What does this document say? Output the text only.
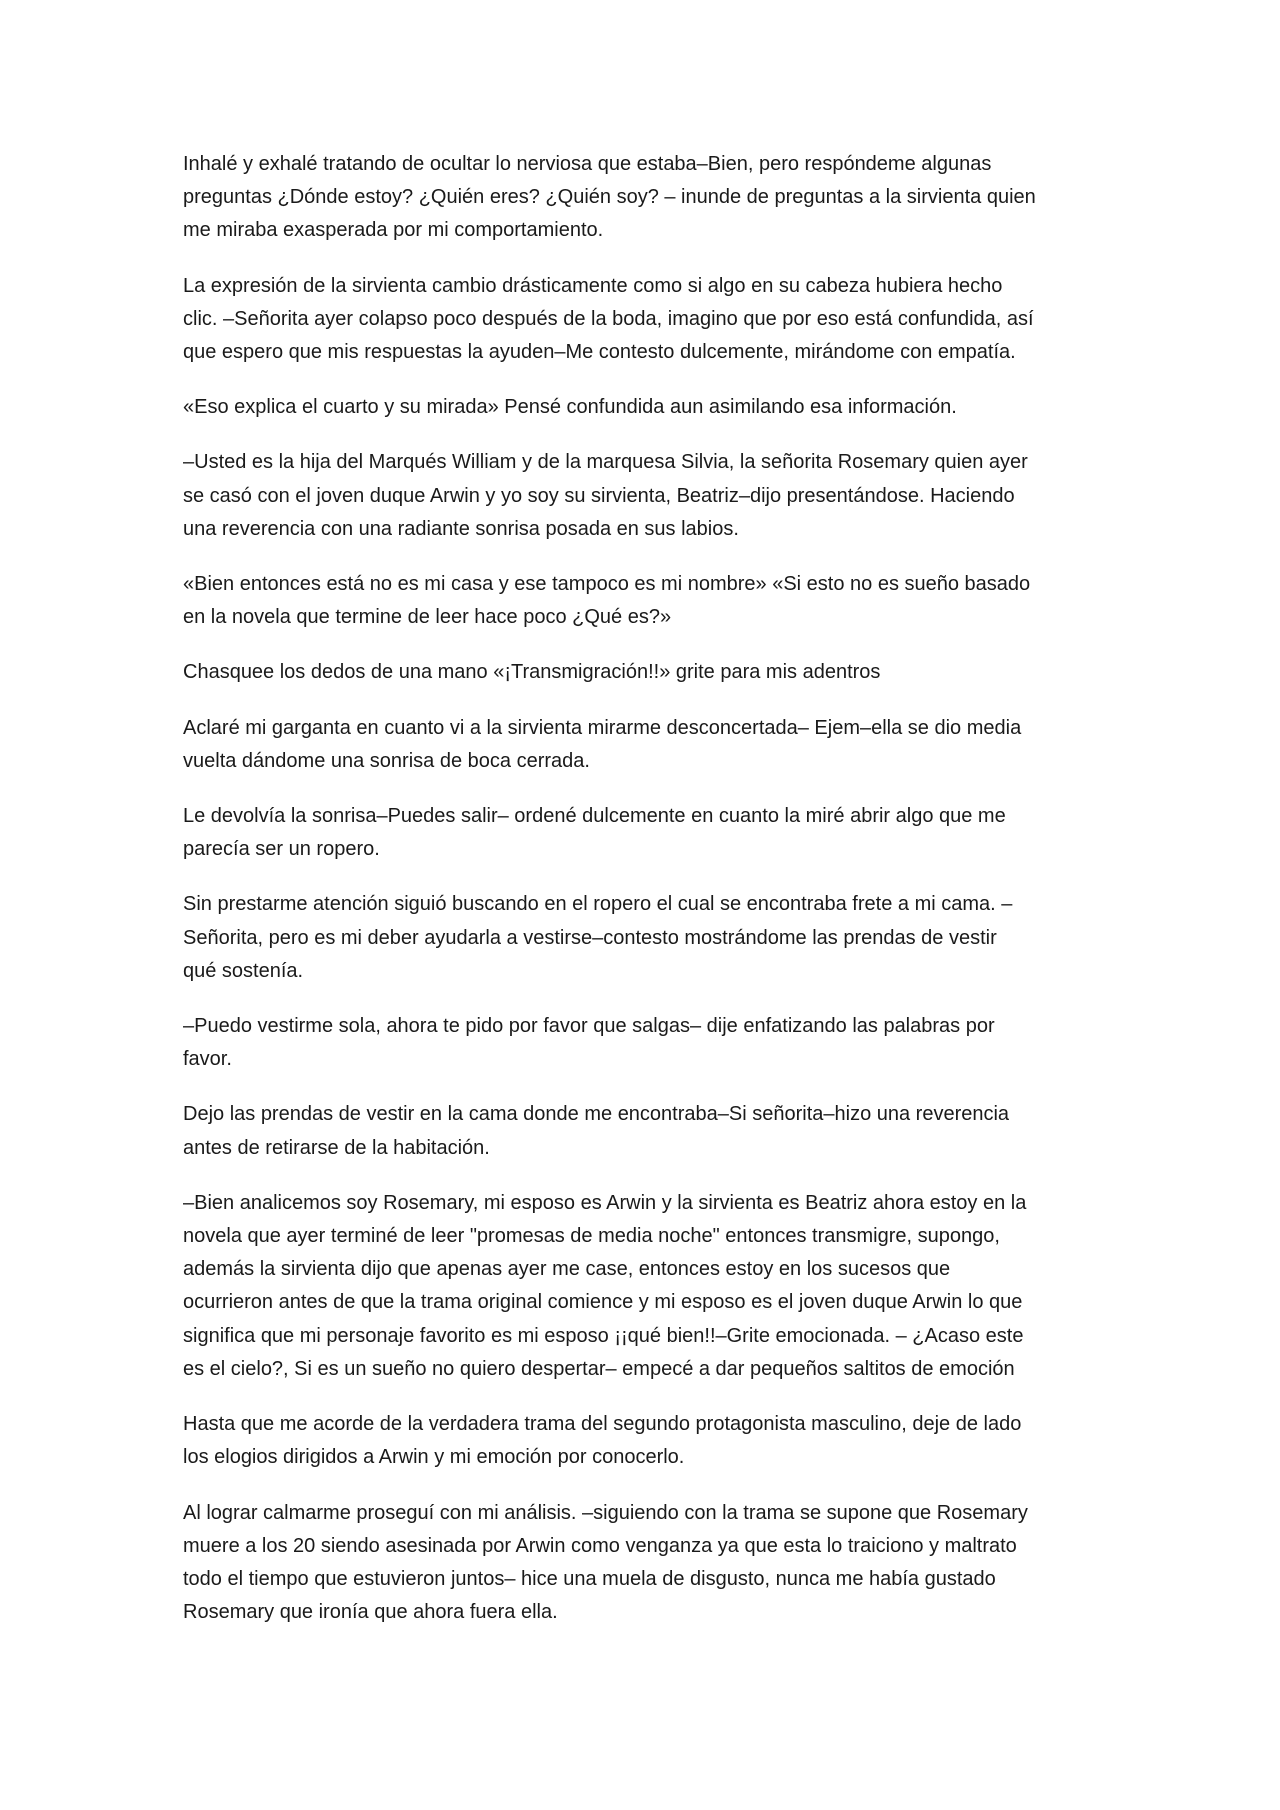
Inhalé y exhalé tratando de ocultar lo nerviosa que estaba–Bien, pero respóndeme algunas
preguntas ¿Dónde estoy? ¿Quién eres? ¿Quién soy? – inunde de preguntas a la sirvienta quien
me miraba exasperada por mi comportamiento.

La expresión de la sirvienta cambio drásticamente como si algo en su cabeza hubiera hecho
clic. –Señorita ayer colapso poco después de la boda, imagino que por eso está confundida, así
que espero que mis respuestas la ayuden–Me contesto dulcemente, mirándome con empatía.

«Eso explica el cuarto y su mirada» Pensé confundida aun asimilando esa información.

–Usted es la hija del Marqués William y de la marquesa Silvia, la señorita Rosemary quien ayer
se casó con el joven duque Arwin y yo soy su sirvienta, Beatriz–dijo presentándose. Haciendo
una reverencia con una radiante sonrisa posada en sus labios.

«Bien entonces está no es mi casa y ese tampoco es mi nombre» «Si esto no es sueño basado
en la novela que termine de leer hace poco ¿Qué es?»

Chasquee los dedos de una mano «¡Transmigración!!» grite para mis adentros

Aclaré mi garganta en cuanto vi a la sirvienta mirarme desconcertada– Ejem–ella se dio media
vuelta dándome una sonrisa de boca cerrada.

Le devolvía la sonrisa–Puedes salir– ordené dulcemente en cuanto la miré abrir algo que me
parecía ser un ropero.

Sin prestarme atención siguió buscando en el ropero el cual se encontraba frete a mi cama. –
Señorita, pero es mi deber ayudarla a vestirse–contesto mostrándome las prendas de vestir
qué sostenía.

–Puedo vestirme sola, ahora te pido por favor que salgas– dije enfatizando las palabras por
favor.

Dejo las prendas de vestir en la cama donde me encontraba–Si señorita–hizo una reverencia
antes de retirarse de la habitación.

–Bien analicemos soy Rosemary, mi esposo es Arwin y la sirvienta es Beatriz ahora estoy en la
novela que ayer terminé de leer "promesas de media noche" entonces transmigre, supongo,
además la sirvienta dijo que apenas ayer me case, entonces estoy en los sucesos que
ocurrieron antes de que la trama original comience y mi esposo es el joven duque Arwin lo que
significa que mi personaje favorito es mi esposo ¡¡qué bien!!–Grite emocionada. – ¿Acaso este
es el cielo?, Si es un sueño no quiero despertar– empecé a dar pequeños saltitos de emoción

Hasta que me acorde de la verdadera trama del segundo protagonista masculino, deje de lado
los elogios dirigidos a Arwin y mi emoción por conocerlo.

Al lograr calmarme proseguí con mi análisis. –siguiendo con la trama se supone que Rosemary
muere a los 20 siendo asesinada por Arwin como venganza ya que esta lo traiciono y maltrato
todo el tiempo que estuvieron juntos– hice una muela de disgusto, nunca me había gustado
Rosemary que ironía que ahora fuera ella.
